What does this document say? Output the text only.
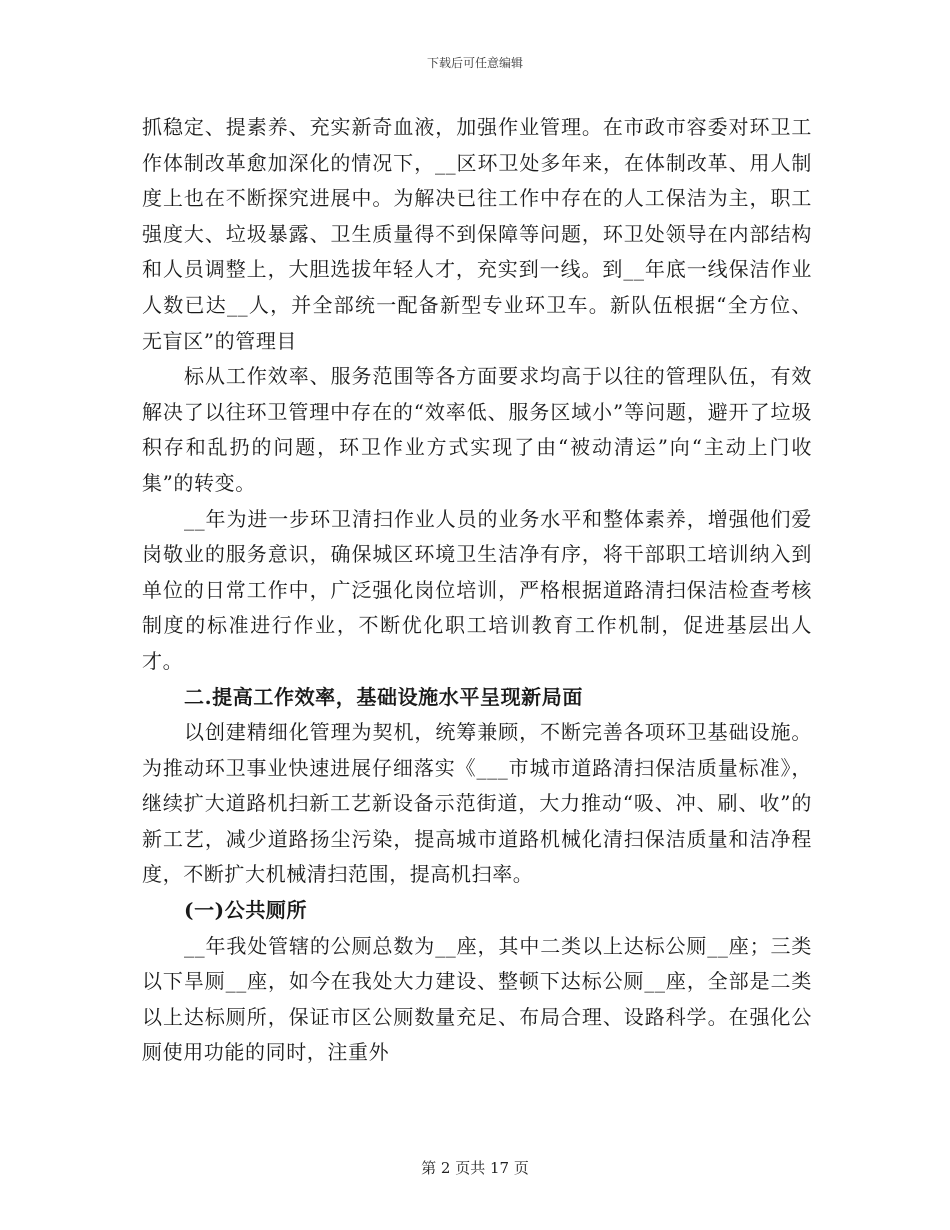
下载后可任意编辑

抓稳定、提素养、充实新奇血液，加强作业管理。在市政市容委对环卫工作体制改革愈加深化的情况下，__区环卫处多年来，在体制改革、用人制度上也在不断探究进展中。为解决已往工作中存在的人工保洁为主，职工强度大、垃圾暴露、卫生质量得不到保障等问题，环卫处领导在内部结构和人员调整上，大胆选拔年轻人才，充实到一线。到__年底一线保洁作业人数已达__人，并全部统一配备新型专业环卫车。新队伍根据“全方位、无盲区”的管理目

标从工作效率、服务范围等各方面要求均高于以往的管理队伍，有效解决了以往环卫管理中存在的“效率低、服务区域小”等问题，避开了垃圾积存和乱扔的问题，环卫作业方式实现了由“被动清运”向“主动上门收集”的转变。

__年为进一步环卫清扫作业人员的业务水平和整体素养，增强他们爱岗敬业的服务意识，确保城区环境卫生洁净有序，将干部职工培训纳入到单位的日常工作中，广泛强化岗位培训，严格根据道路清扫保洁检查考核制度的标准进行作业，不断优化职工培训教育工作机制，促进基层出人才。

二.提高工作效率，基础设施水平呈现新局面

以创建精细化管理为契机，统筹兼顾，不断完善各项环卫基础设施。为推动环卫事业快速进展仔细落实《___市城市道路清扫保洁质量标准》，继续扩大道路机扫新工艺新设备示范街道，大力推动“吸、冲、刷、收”的新工艺，减少道路扬尘污染，提高城市道路机械化清扫保洁质量和洁净程度，不断扩大机械清扫范围，提高机扫率。

(一)公共厕所

__年我处管辖的公厕总数为__座，其中二类以上达标公厕__座；三类以下旱厕__座，如今在我处大力建设、整顿下达标公厕__座，全部是二类以上达标厕所，保证市区公厕数量充足、布局合理、设路科学。在强化公厕使用功能的同时，注重外

第 2 页共 17 页
